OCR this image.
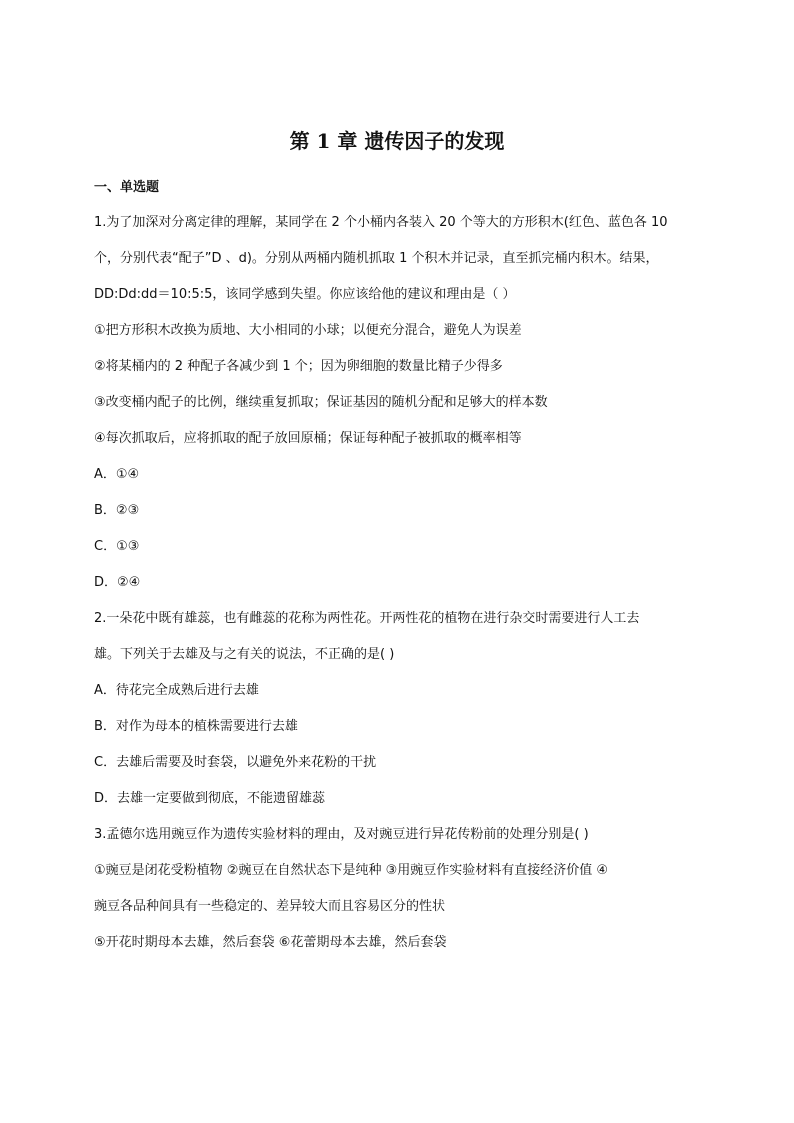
第 1 章 遗传因子的发现
一、单选题
1.为了加深对分离定律的理解，某同学在 2 个小桶内各装入 20 个等大的方形积木(红色、蓝色各 10
个，分别代表“配子”D 、d)。分别从两桶内随机抓取 1 个积木并记录，直至抓完桶内积木。结果，
DD:Dd:dd＝10:5:5，该同学感到失望。你应该给他的建议和理由是（ ）
①把方形积木改换为质地、大小相同的小球；以便充分混合，避免人为误差
②将某桶内的 2 种配子各减少到 1 个；因为卵细胞的数量比精子少得多
③改变桶内配子的比例，继续重复抓取；保证基因的随机分配和足够大的样本数
④每次抓取后，应将抓取的配子放回原桶；保证每种配子被抓取的概率相等
A．①④
B．②③
C．①③
D．②④
2.一朵花中既有雄蕊，也有雌蕊的花称为两性花。开两性花的植物在进行杂交时需要进行人工去
雄。下列关于去雄及与之有关的说法，不正确的是( )
A．待花完全成熟后进行去雄
B．对作为母本的植株需要进行去雄
C．去雄后需要及时套袋，以避免外来花粉的干扰
D．去雄一定要做到彻底，不能遗留雄蕊
3.孟德尔选用豌豆作为遗传实验材料的理由，及对豌豆进行异花传粉前的处理分别是( )
①豌豆是闭花受粉植物 ②豌豆在自然状态下是纯种 ③用豌豆作实验材料有直接经济价值 ④
豌豆各品种间具有一些稳定的、差异较大而且容易区分的性状
⑤开花时期母本去雄，然后套袋 ⑥花蕾期母本去雄，然后套袋
